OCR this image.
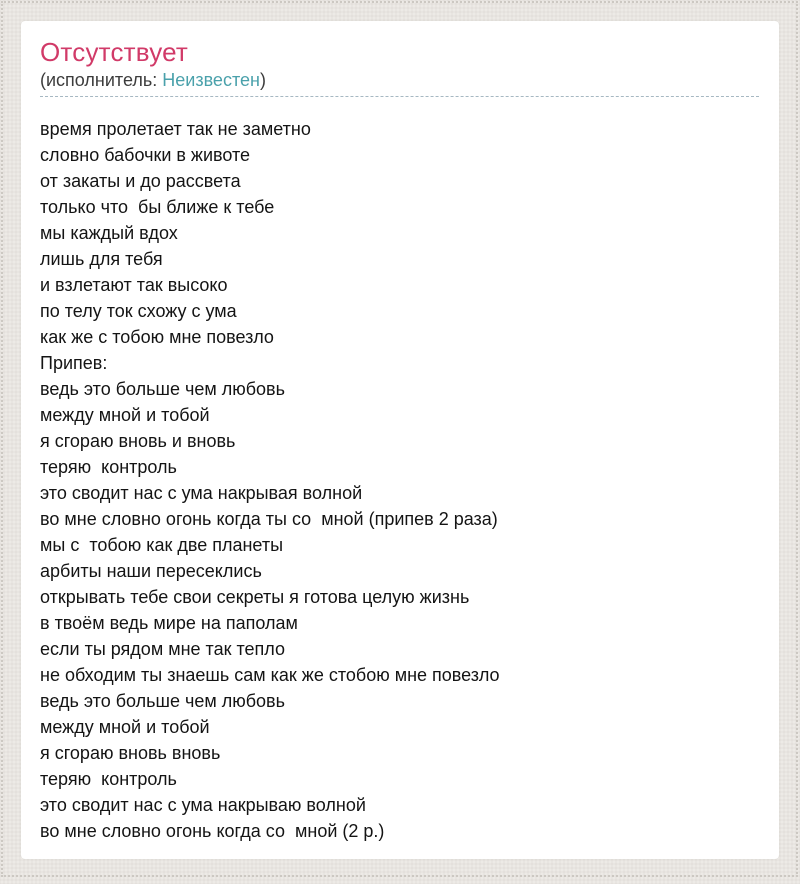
Отсутствует
(исполнитель: Неизвестен)
время пролетает так не заметно
словно бабочки в животе
от закаты и до рассвета
только что  бы ближе к тебе
мы каждый вдох
лишь для тебя
и взлетают так высоко
по телу ток схожу с ума
как же с тобою мне повезло
Припев:
ведь это больше чем любовь
между мной и тобой
я сгораю вновь и вновь
теряю  контроль
это сводит нас с ума накрывая волной
во мне словно огонь когда ты со  мной (припев 2 раза)
мы с  тобою как две планеты
арбиты наши пересеклись
открывать тебе свои секреты я готова целую жизнь
в твоём ведь мире на паполам
если ты рядом мне так тепло
не обходим ты знаешь сам как же стобою мне повезло
ведь это больше чем любовь
между мной и тобой
я сгораю вновь вновь
теряю  контроль
это сводит нас с ума накрываю волной
во мне словно огонь когда со  мной (2 р.)
